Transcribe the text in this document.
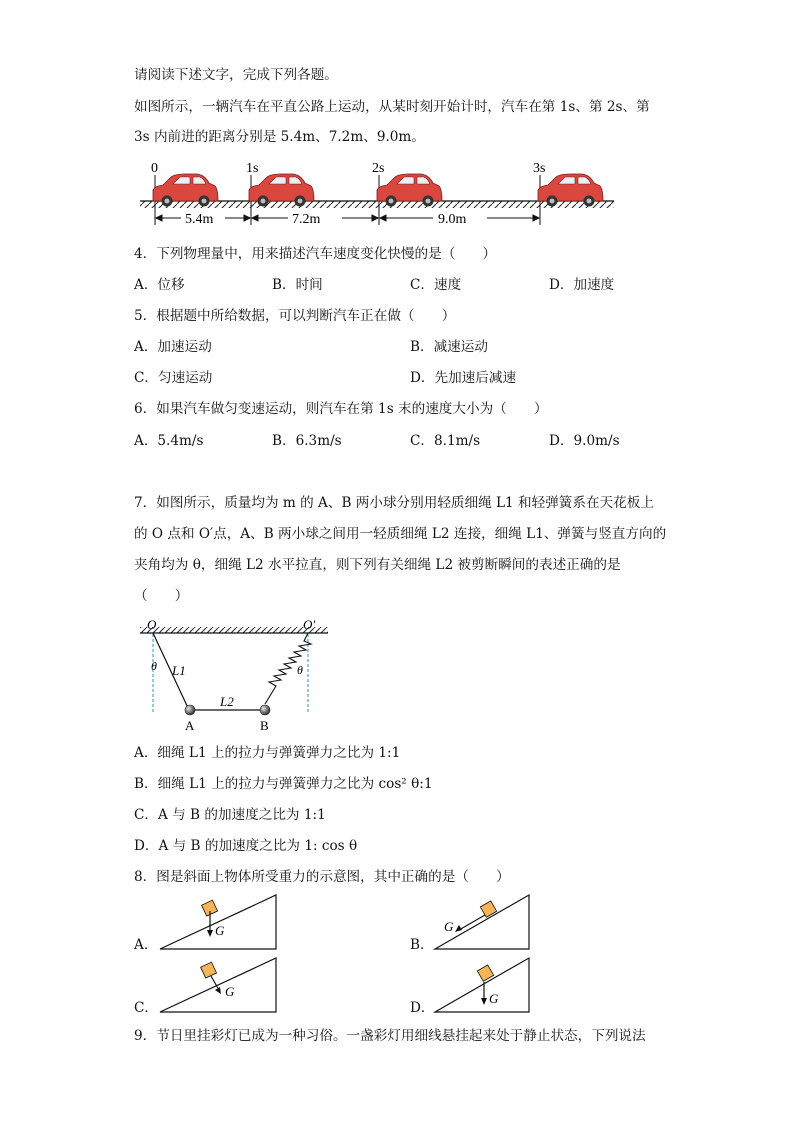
请阅读下述文字，完成下列各题。
如图所示，一辆汽车在平直公路上运动，从某时刻开始计时，汽车在第 1s、第 2s、第
3s 内前进的距离分别是 5.4m、7.2m、9.0m。
0	1s	2s	3s
5.4m	7.2m	9.0m
4．下列物理量中，用来描述汽车速度变化快慢的是（　　）
A．位移	B．时间	C．速度	D．加速度
5．根据题中所给数据，可以判断汽车正在做（　　）
A．加速运动	B．减速运动
C．匀速运动	D．先加速后减速
6．如果汽车做匀变速运动，则汽车在第 1s 末的速度大小为（　　）
A．5.4m/s	B．6.3m/s	C．8.1m/s	D．9.0m/s
7．如图所示，质量均为 m 的 A、B 两小球分别用轻质细绳 L1 和轻弹簧系在天花板上
的 O 点和 O′点，A、B 两小球之间用一轻质细绳 L2 连接，细绳 L1、弹簧与竖直方向的
夹角均为 θ，细绳 L2 水平拉直，则下列有关细绳 L2 被剪断瞬间的表述正确的是
（　　）
O	O′
θ	θ
L1
L2
A	B
A．细绳 L1 上的拉力与弹簧弹力之比为 1:1
B．细绳 L1 上的拉力与弹簧弹力之比为 cos² θ:1
C．A 与 B 的加速度之比为 1:1
D．A 与 B 的加速度之比为 1: cos θ
8．图是斜面上物体所受重力的示意图，其中正确的是（　　）
A．
G
B．
G
C．
G
D．
G
9．节日里挂彩灯已成为一种习俗。一盏彩灯用细线悬挂起来处于静止状态，下列说法
